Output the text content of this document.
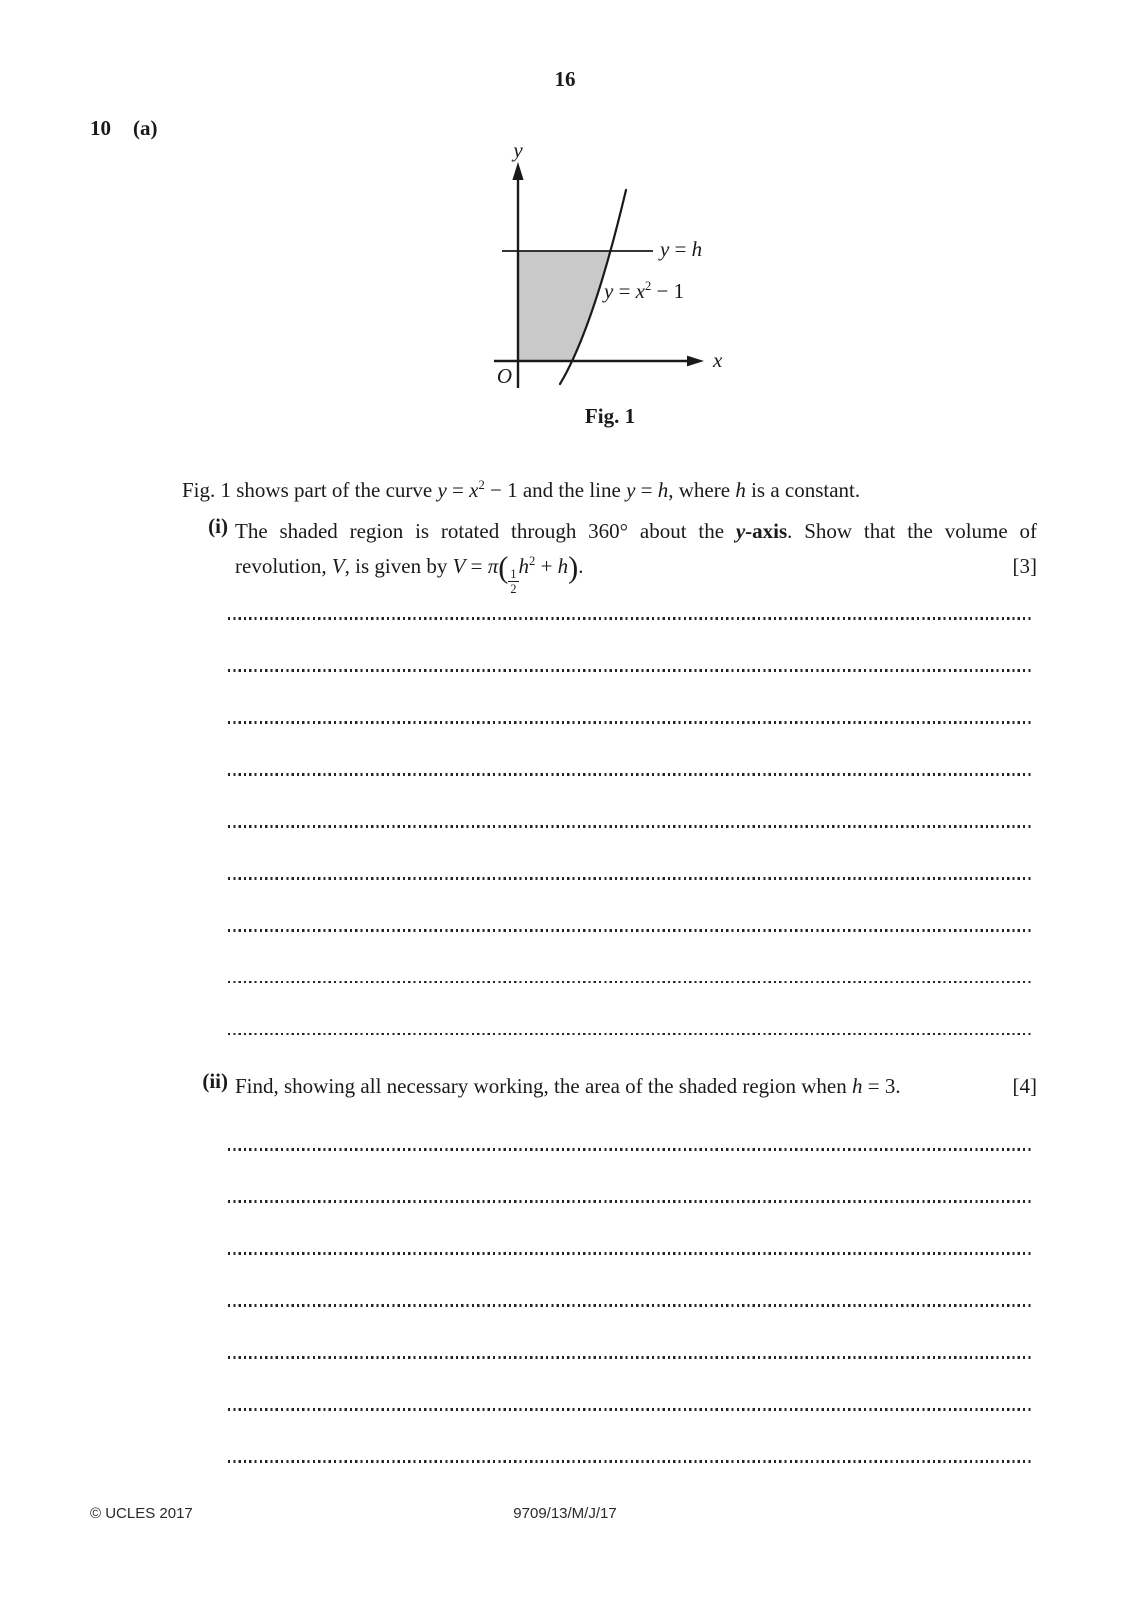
16
10 (a)
y
x
O
y = h
$y = x^2 - 1$
Fig. 1
Fig. 1 shows part of the curve $y = x^2 - 1$ and the line y = h, where h is a constant.
(i) The shaded region is rotated through 360° about the y-axis. Show that the volume of
[3]
revolution, V, is given by $V = \pi( \frac{1}{2}$
$h^2 + h$).
(ii)	[4]
Find, showing all necessary working, the area of the shaded region when h = 3.
© UCLES 2017	9709/13/M/J/17
